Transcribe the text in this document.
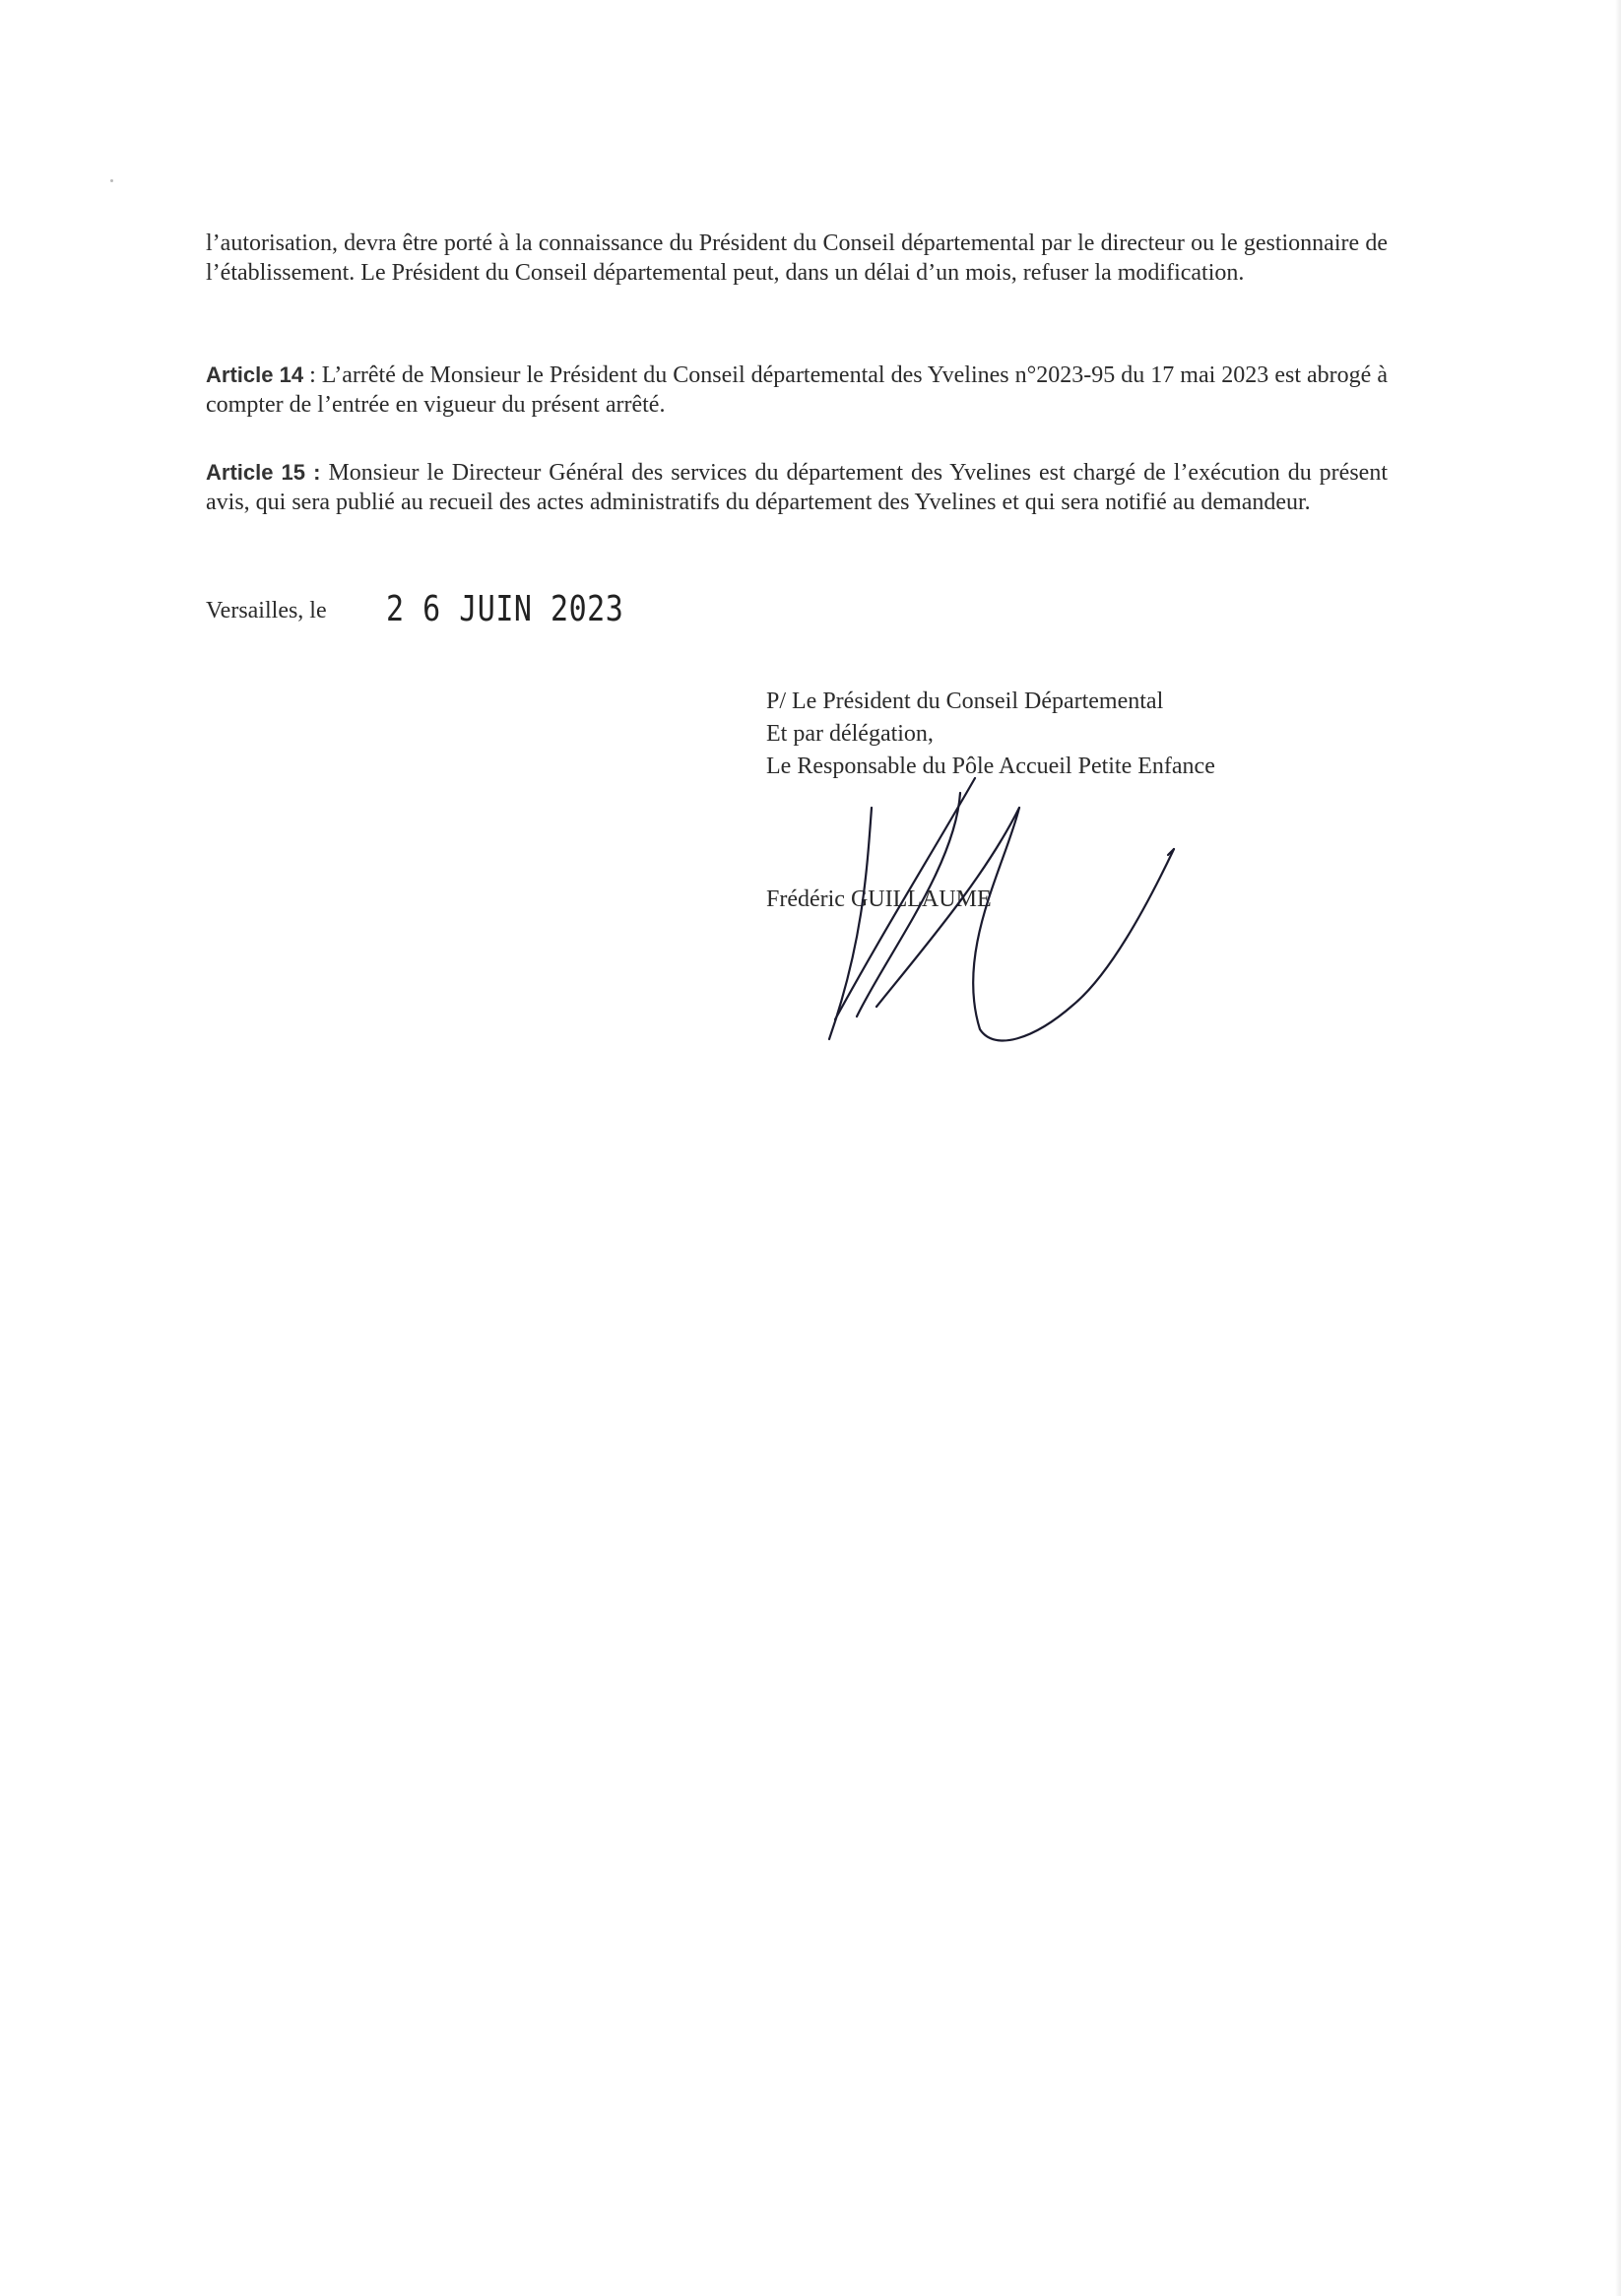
l’autorisation, devra être porté à la connaissance du Président du Conseil départemental par le directeur ou le gestionnaire de l’établissement. Le Président du Conseil départemental peut, dans un délai d’un mois, refuser la modification.

Article 14 : L’arrêté de Monsieur le Président du Conseil départemental des Yvelines n°2023-95 du 17 mai 2023 est abrogé à compter de l’entrée en vigueur du présent arrêté.

Article 15 : Monsieur le Directeur Général des services du département des Yvelines est chargé de l’exécution du présent avis, qui sera publié au recueil des actes administratifs du département des Yvelines et qui sera notifié au demandeur.

Versailles, le 2 6 JUIN 2023
P/ Le Président du Conseil Départemental
Et par délégation,
Le Responsable du Pôle Accueil Petite Enfance
Frédéric GUILLAUME
